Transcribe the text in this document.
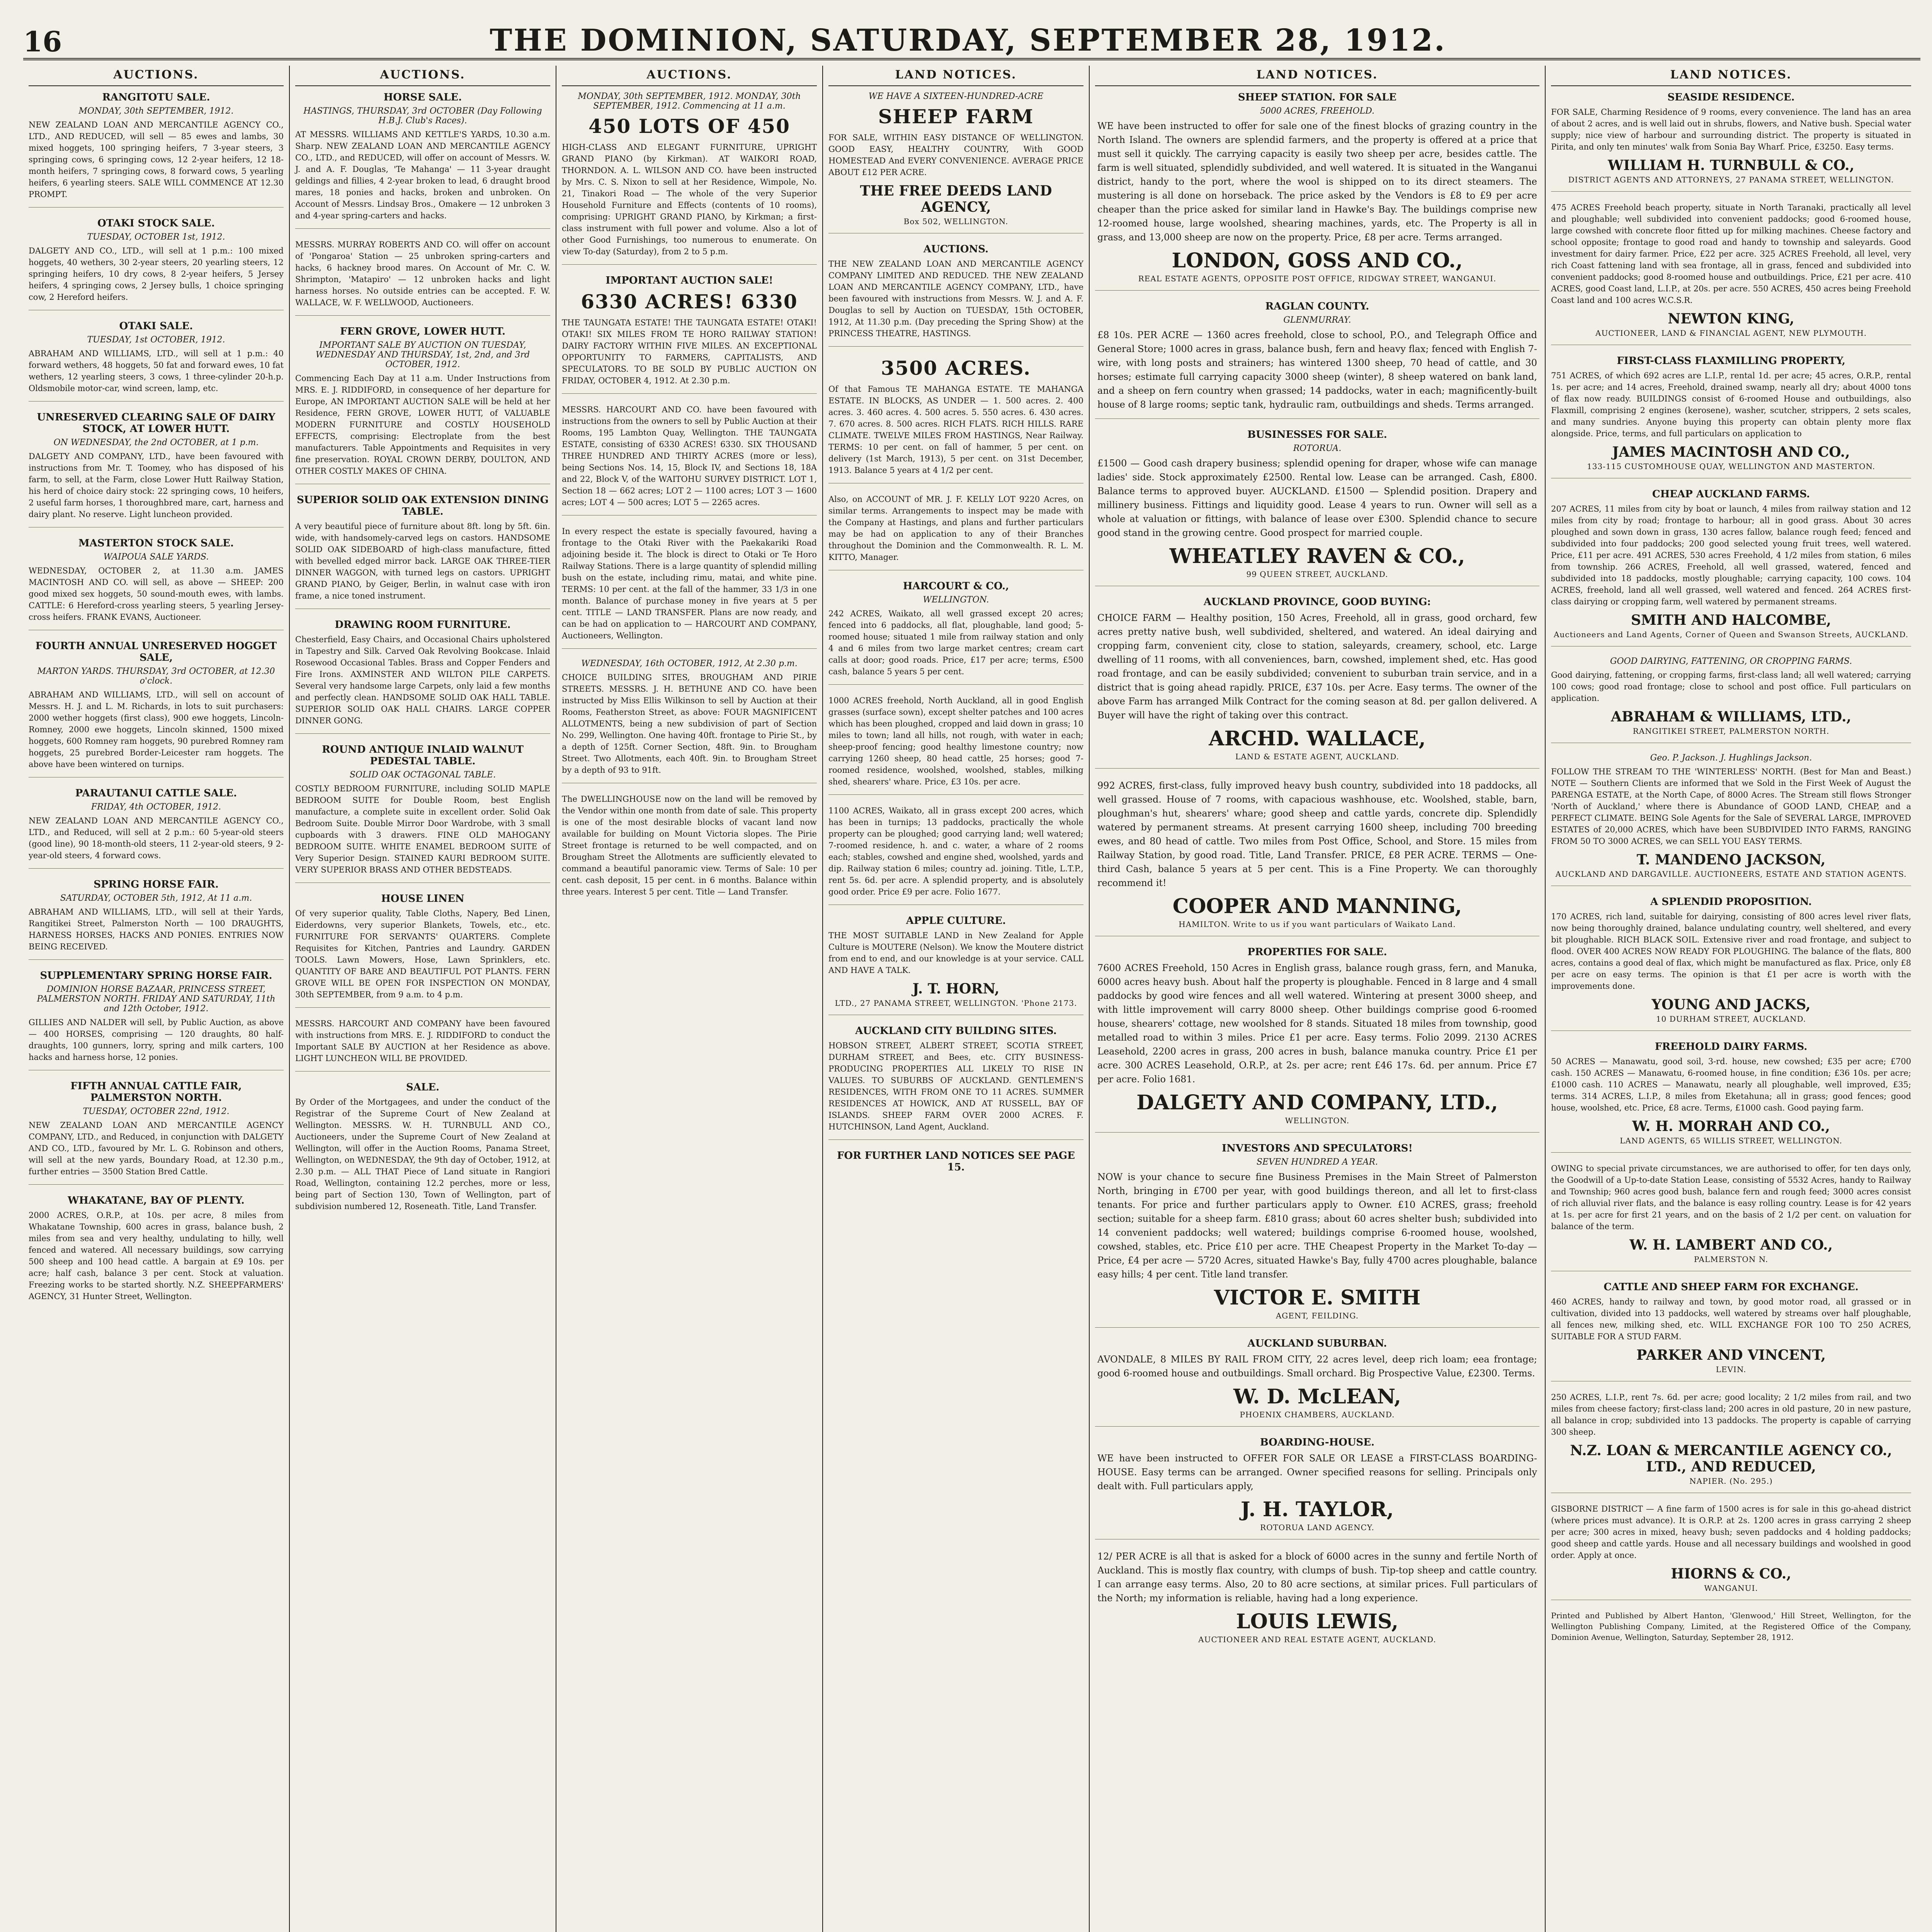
16	THE DOMINION, SATURDAY, SEPTEMBER 28, 1912.
AUCTIONS.
RANGITOTU SALE.
MONDAY, 30th SEPTEMBER, 1912.
NEW ZEALAND LOAN AND MERCANTILE AGENCY CO., LTD., AND REDUCED, will sell — 85 ewes and lambs, 30 mixed hoggets, 100 springing heifers, 7 3-year steers, 3 springing cows, 6 springing cows, 12 2-year heifers, 12 18-month heifers, 7 springing cows, 8 forward cows, 5 yearling heifers, 6 yearling steers. SALE WILL COMMENCE AT 12.30 PROMPT.
OTAKI STOCK SALE.
TUESDAY, OCTOBER 1st, 1912.
DALGETY AND CO., LTD., will sell at 1 p.m.: 100 mixed hoggets, 40 wethers, 30 2-year steers, 20 yearling steers, 12 springing heifers, 10 dry cows, 8 2-year heifers, 5 Jersey heifers, 4 springing cows, 2 Jersey bulls, 1 choice springing cow, 2 Hereford heifers.
OTAKI SALE.
TUESDAY, 1st OCTOBER, 1912.
ABRAHAM AND WILLIAMS, LTD., will sell at 1 p.m.: 40 forward wethers, 48 hoggets, 50 fat and forward ewes, 10 fat wethers, 12 yearling steers, 3 cows, 1 three-cylinder 20-h.p. Oldsmobile motor-car, wind screen, lamp, etc.
UNRESERVED CLEARING SALE OF DAIRY STOCK, AT LOWER HUTT.
ON WEDNESDAY, the 2nd OCTOBER, at 1 p.m.
DALGETY AND COMPANY, LTD., have been favoured with instructions from Mr. T. Toomey, who has disposed of his farm, to sell, at the Farm, close Lower Hutt Railway Station, his herd of choice dairy stock: 22 springing cows, 10 heifers, 2 useful farm horses, 1 thoroughbred mare, cart, harness and dairy plant. No reserve. Light luncheon provided.
MASTERTON STOCK SALE.
WAIPOUA SALE YARDS.
WEDNESDAY, OCTOBER 2, at 11.30 a.m. JAMES MACINTOSH AND CO. will sell, as above — SHEEP: 200 good mixed sex hoggets, 50 sound-mouth ewes, with lambs. CATTLE: 6 Hereford-cross yearling steers, 5 yearling Jersey-cross heifers. FRANK EVANS, Auctioneer.
FOURTH ANNUAL UNRESERVED HOGGET SALE,
MARTON YARDS. THURSDAY, 3rd OCTOBER, at 12.30 o'clock.
ABRAHAM AND WILLIAMS, LTD., will sell on account of Messrs. H. J. and L. M. Richards, in lots to suit purchasers: 2000 wether hoggets (first class), 900 ewe hoggets, Lincoln-Romney, 2000 ewe hoggets, Lincoln skinned, 1500 mixed hoggets, 600 Romney ram hoggets, 90 purebred Romney ram hoggets, 25 purebred Border-Leicester ram hoggets. The above have been wintered on turnips.
PARAUTANUI CATTLE SALE.
FRIDAY, 4th OCTOBER, 1912.
NEW ZEALAND LOAN AND MERCANTILE AGENCY CO., LTD., and Reduced, will sell at 2 p.m.: 60 5-year-old steers (good line), 90 18-month-old steers, 11 2-year-old steers, 9 2-year-old steers, 4 forward cows.
SPRING HORSE FAIR.
SATURDAY, OCTOBER 5th, 1912, At 11 a.m.
ABRAHAM AND WILLIAMS, LTD., will sell at their Yards, Rangitikei Street, Palmerston North — 100 DRAUGHTS, HARNESS HORSES, HACKS AND PONIES. ENTRIES NOW BEING RECEIVED.
SUPPLEMENTARY SPRING HORSE FAIR.
DOMINION HORSE BAZAAR, PRINCESS STREET, PALMERSTON NORTH. FRIDAY AND SATURDAY, 11th and 12th October, 1912.
GILLIES AND NALDER will sell, by Public Auction, as above — 400 HORSES, comprising — 120 draughts, 80 half-draughts, 100 gunners, lorry, spring and milk carters, 100 hacks and harness horse, 12 ponies.
FIFTH ANNUAL CATTLE FAIR, PALMERSTON NORTH.
TUESDAY, OCTOBER 22nd, 1912.
NEW ZEALAND LOAN AND MERCANTILE AGENCY COMPANY, LTD., and Reduced, in conjunction with DALGETY AND CO., LTD., favoured by Mr. L. G. Robinson and others, will sell at the new yards, Boundary Road, at 12.30 p.m., further entries — 3500 Station Bred Cattle.
WHAKATANE, BAY OF PLENTY.
2000 ACRES, O.R.P., at 10s. per acre, 8 miles from Whakatane Township, 600 acres in grass, balance bush, 2 miles from sea and very healthy, undulating to hilly, well fenced and watered. All necessary buildings, sow carrying 500 sheep and 100 head cattle. A bargain at £9 10s. per acre; half cash, balance 3 per cent. Stock at valuation. Freezing works to be started shortly. N.Z. SHEEPFARMERS' AGENCY, 31 Hunter Street, Wellington.
AUCTIONS.
HORSE SALE.
HASTINGS, THURSDAY, 3rd OCTOBER (Day Following H.B.J. Club's Races).
AT MESSRS. WILLIAMS AND KETTLE'S YARDS, 10.30 a.m. Sharp. NEW ZEALAND LOAN AND MERCANTILE AGENCY CO., LTD., and REDUCED, will offer on account of Messrs. W. J. and A. F. Douglas, 'Te Mahanga' — 11 3-year draught geldings and fillies, 4 2-year broken to lead, 6 draught brood mares, 18 ponies and hacks, broken and unbroken. On Account of Messrs. Lindsay Bros., Omakere — 12 unbroken 3 and 4-year spring-carters and hacks.
MESSRS. MURRAY ROBERTS AND CO. will offer on account of 'Pongaroa' Station — 25 unbroken spring-carters and hacks, 6 hackney brood mares. On Account of Mr. C. W. Shrimpton, 'Matapiro' — 12 unbroken hacks and light harness horses. No outside entries can be accepted. F. W. WALLACE, W. F. WELLWOOD, Auctioneers.
FERN GROVE, LOWER HUTT.
IMPORTANT SALE BY AUCTION ON TUESDAY, WEDNESDAY AND THURSDAY, 1st, 2nd, and 3rd OCTOBER, 1912.
Commencing Each Day at 11 a.m. Under Instructions from MRS. E. J. RIDDIFORD, in consequence of her departure for Europe, AN IMPORTANT AUCTION SALE will be held at her Residence, FERN GROVE, LOWER HUTT, of VALUABLE MODERN FURNITURE and COSTLY HOUSEHOLD EFFECTS, comprising: Electroplate from the best manufacturers. Table Appointments and Requisites in very fine preservation. ROYAL CROWN DERBY, DOULTON, AND OTHER COSTLY MAKES OF CHINA.
SUPERIOR SOLID OAK EXTENSION DINING TABLE.
A very beautiful piece of furniture about 8ft. long by 5ft. 6in. wide, with handsomely-carved legs on castors. HANDSOME SOLID OAK SIDEBOARD of high-class manufacture, fitted with bevelled edged mirror back. LARGE OAK THREE-TIER DINNER WAGGON, with turned legs on castors. UPRIGHT GRAND PIANO, by Geiger, Berlin, in walnut case with iron frame, a nice toned instrument.
DRAWING ROOM FURNITURE.
Chesterfield, Easy Chairs, and Occasional Chairs upholstered in Tapestry and Silk. Carved Oak Revolving Bookcase. Inlaid Rosewood Occasional Tables. Brass and Copper Fenders and Fire Irons. AXMINSTER AND WILTON PILE CARPETS. Several very handsome large Carpets, only laid a few months and perfectly clean. HANDSOME SOLID OAK HALL TABLE. SUPERIOR SOLID OAK HALL CHAIRS. LARGE COPPER DINNER GONG.
ROUND ANTIQUE INLAID WALNUT PEDESTAL TABLE.
SOLID OAK OCTAGONAL TABLE.
COSTLY BEDROOM FURNITURE, including SOLID MAPLE BEDROOM SUITE for Double Room, best English manufacture, a complete suite in excellent order. Solid Oak Bedroom Suite. Double Mirror Door Wardrobe, with 3 small cupboards with 3 drawers. FINE OLD MAHOGANY BEDROOM SUITE. WHITE ENAMEL BEDROOM SUITE of Very Superior Design. STAINED KAURI BEDROOM SUITE. VERY SUPERIOR BRASS AND OTHER BEDSTEADS.
HOUSE LINEN
Of very superior quality, Table Cloths, Napery, Bed Linen, Eiderdowns, very superior Blankets, Towels, etc., etc. FURNITURE FOR SERVANTS' QUARTERS. Complete Requisites for Kitchen, Pantries and Laundry. GARDEN TOOLS. Lawn Mowers, Hose, Lawn Sprinklers, etc. QUANTITY OF BARE AND BEAUTIFUL POT PLANTS. FERN GROVE WILL BE OPEN FOR INSPECTION ON MONDAY, 30th SEPTEMBER, from 9 a.m. to 4 p.m.
MESSRS. HARCOURT AND COMPANY have been favoured with instructions from MRS. E. J. RIDDIFORD to conduct the Important SALE BY AUCTION at her Residence as above. LIGHT LUNCHEON WILL BE PROVIDED.
SALE.
By Order of the Mortgagees, and under the conduct of the Registrar of the Supreme Court of New Zealand at Wellington. MESSRS. W. H. TURNBULL AND CO., Auctioneers, under the Supreme Court of New Zealand at Wellington, will offer in the Auction Rooms, Panama Street, Wellington, on WEDNESDAY, the 9th day of October, 1912, at 2.30 p.m. — ALL THAT Piece of Land situate in Rangiori Road, Wellington, containing 12.2 perches, more or less, being part of Section 130, Town of Wellington, part of subdivision numbered 12, Roseneath. Title, Land Transfer.
AUCTIONS.
MONDAY, 30th SEPTEMBER, 1912. MONDAY, 30th SEPTEMBER, 1912. Commencing at 11 a.m.
450 LOTS OF 450
HIGH-CLASS AND ELEGANT FURNITURE, UPRIGHT GRAND PIANO (by Kirkman). AT WAIKORI ROAD, THORNDON. A. L. WILSON AND CO. have been instructed by Mrs. C. S. Nixon to sell at her Residence, Wimpole, No. 21, Tinakori Road — The whole of the very Superior Household Furniture and Effects (contents of 10 rooms), comprising: UPRIGHT GRAND PIANO, by Kirkman; a first-class instrument with full power and volume. Also a lot of other Good Furnishings, too numerous to enumerate. On view To-day (Saturday), from 2 to 5 p.m.
IMPORTANT AUCTION SALE!
6330 ACRES! 6330
THE TAUNGATA ESTATE! THE TAUNGATA ESTATE! OTAKI! OTAKI! SIX MILES FROM TE HORO RAILWAY STATION! DAIRY FACTORY WITHIN FIVE MILES. AN EXCEPTIONAL OPPORTUNITY TO FARMERS, CAPITALISTS, AND SPECULATORS. TO BE SOLD BY PUBLIC AUCTION ON FRIDAY, OCTOBER 4, 1912. At 2.30 p.m.
MESSRS. HARCOURT AND CO. have been favoured with instructions from the owners to sell by Public Auction at their Rooms, 195 Lambton Quay, Wellington. THE TAUNGATA ESTATE, consisting of 6330 ACRES! 6330. SIX THOUSAND THREE HUNDRED AND THIRTY ACRES (more or less), being Sections Nos. 14, 15, Block IV, and Sections 18, 18A and 22, Block V, of the WAITOHU SURVEY DISTRICT. LOT 1, Section 18 — 662 acres; LOT 2 — 1100 acres; LOT 3 — 1600 acres; LOT 4 — 500 acres; LOT 5 — 2265 acres.
In every respect the estate is specially favoured, having a frontage to the Otaki River with the Paekakariki Road adjoining beside it. The block is direct to Otaki or Te Horo Railway Stations. There is a large quantity of splendid milling bush on the estate, including rimu, matai, and white pine. TERMS: 10 per cent. at the fall of the hammer, 33 1/3 in one month. Balance of purchase money in five years at 5 per cent. TITLE — LAND TRANSFER. Plans are now ready, and can be had on application to — HARCOURT AND COMPANY, Auctioneers, Wellington.
WEDNESDAY, 16th OCTOBER, 1912, At 2.30 p.m.
CHOICE BUILDING SITES, BROUGHAM AND PIRIE STREETS. MESSRS. J. H. BETHUNE AND CO. have been instructed by Miss Ellis Wilkinson to sell by Auction at their Rooms, Featherston Street, as above: FOUR MAGNIFICENT ALLOTMENTS, being a new subdivision of part of Section No. 299, Wellington. One having 40ft. frontage to Pirie St., by a depth of 125ft. Corner Section, 48ft. 9in. to Brougham Street. Two Allotments, each 40ft. 9in. to Brougham Street by a depth of 93 to 91ft.
The DWELLINGHOUSE now on the land will be removed by the Vendor within one month from date of sale. This property is one of the most desirable blocks of vacant land now available for building on Mount Victoria slopes. The Pirie Street frontage is returned to be well compacted, and on Brougham Street the Allotments are sufficiently elevated to command a beautiful panoramic view. Terms of Sale: 10 per cent. cash deposit, 15 per cent. in 6 months. Balance within three years. Interest 5 per cent. Title — Land Transfer.
LAND NOTICES.
WE HAVE A SIXTEEN-HUNDRED-ACRE
SHEEP FARM
FOR SALE, WITHIN EASY DISTANCE OF WELLINGTON. GOOD EASY, HEALTHY COUNTRY, With GOOD HOMESTEAD And EVERY CONVENIENCE. AVERAGE PRICE ABOUT £12 PER ACRE.
THE FREE DEEDS LAND AGENCY,
Box 502, WELLINGTON.
AUCTIONS.
THE NEW ZEALAND LOAN AND MERCANTILE AGENCY COMPANY LIMITED AND REDUCED. THE NEW ZEALAND LOAN AND MERCANTILE AGENCY COMPANY, LTD., have been favoured with instructions from Messrs. W. J. and A. F. Douglas to sell by Auction on TUESDAY, 15th OCTOBER, 1912, At 11.30 p.m. (Day preceding the Spring Show) at the PRINCESS THEATRE, HASTINGS.
3500 ACRES.
Of that Famous TE MAHANGA ESTATE. TE MAHANGA ESTATE. IN BLOCKS, AS UNDER — 1. 500 acres. 2. 400 acres. 3. 460 acres. 4. 500 acres. 5. 550 acres. 6. 430 acres. 7. 670 acres. 8. 500 acres. RICH FLATS. RICH HILLS. RARE CLIMATE. TWELVE MILES FROM HASTINGS, Near Railway. TERMS: 10 per cent. on fall of hammer, 5 per cent. on delivery (1st March, 1913), 5 per cent. on 31st December, 1913. Balance 5 years at 4 1/2 per cent.
Also, on ACCOUNT of MR. J. F. KELLY LOT 9220 Acres, on similar terms. Arrangements to inspect may be made with the Company at Hastings, and plans and further particulars may be had on application to any of their Branches throughout the Dominion and the Commonwealth. R. L. M. KITTO, Manager.
HARCOURT & CO.,
WELLINGTON.
242 ACRES, Waikato, all well grassed except 20 acres; fenced into 6 paddocks, all flat, ploughable, land good; 5-roomed house; situated 1 mile from railway station and only 4 and 6 miles from two large market centres; cream cart calls at door; good roads. Price, £17 per acre; terms, £500 cash, balance 5 years 5 per cent.
1000 ACRES freehold, North Auckland, all in good English grasses (surface sown), except shelter patches and 100 acres which has been ploughed, cropped and laid down in grass; 10 miles to town; land all hills, not rough, with water in each; sheep-proof fencing; good healthy limestone country; now carrying 1260 sheep, 80 head cattle, 25 horses; good 7-roomed residence, woolshed, woolshed, stables, milking shed, shearers' whare. Price, £3 10s. per acre.
1100 ACRES, Waikato, all in grass except 200 acres, which has been in turnips; 13 paddocks, practically the whole property can be ploughed; good carrying land; well watered; 7-roomed residence, h. and c. water, a whare of 2 rooms each; stables, cowshed and engine shed, woolshed, yards and dip. Railway station 6 miles; country ad. joining. Title, L.T.P., rent 5s. 6d. per acre. A splendid property, and is absolutely good order. Price £9 per acre. Folio 1677.
APPLE CULTURE.
THE MOST SUITABLE LAND in New Zealand for Apple Culture is MOUTERE (Nelson). We know the Moutere district from end to end, and our knowledge is at your service. CALL AND HAVE A TALK.
J. T. HORN,
LTD., 27 PANAMA STREET, WELLINGTON. 'Phone 2173.
AUCKLAND CITY BUILDING SITES.
HOBSON STREET, ALBERT STREET, SCOTIA STREET, DURHAM STREET, and Bees, etc. CITY BUSINESS-PRODUCING PROPERTIES ALL LIKELY TO RISE IN VALUES. TO SUBURBS OF AUCKLAND. GENTLEMEN'S RESIDENCES, WITH FROM ONE TO 11 ACRES. SUMMER RESIDENCES AT HOWICK, AND AT RUSSELL, BAY OF ISLANDS. SHEEP FARM OVER 2000 ACRES. F. HUTCHINSON, Land Agent, Auckland.
FOR FURTHER LAND NOTICES SEE PAGE 15.
LAND NOTICES.
SHEEP STATION. FOR SALE
5000 ACRES, FREEHOLD.
WE have been instructed to offer for sale one of the finest blocks of grazing country in the North Island. The owners are splendid farmers, and the property is offered at a price that must sell it quickly. The carrying capacity is easily two sheep per acre, besides cattle. The farm is well situated, splendidly subdivided, and well watered. It is situated in the Wanganui district, handy to the port, where the wool is shipped on to its direct steamers. The mustering is all done on horseback. The price asked by the Vendors is £8 to £9 per acre cheaper than the price asked for similar land in Hawke's Bay. The buildings comprise new 12-roomed house, large woolshed, shearing machines, yards, etc. The Property is all in grass, and 13,000 sheep are now on the property. Price, £8 per acre. Terms arranged.
LONDON, GOSS AND CO.,
REAL ESTATE AGENTS, OPPOSITE POST OFFICE, RIDGWAY STREET, WANGANUI.
RAGLAN COUNTY.
GLENMURRAY.
£8 10s. PER ACRE — 1360 acres freehold, close to school, P.O., and Telegraph Office and General Store; 1000 acres in grass, balance bush, fern and heavy flax; fenced with English 7-wire, with long posts and strainers; has wintered 1300 sheep, 70 head of cattle, and 30 horses; estimate full carrying capacity 3000 sheep (winter), 8 sheep watered on bank land, and a sheep on fern country when grassed; 14 paddocks, water in each; magnificently-built house of 8 large rooms; septic tank, hydraulic ram, outbuildings and sheds. Terms arranged.
BUSINESSES FOR SALE.
ROTORUA.
£1500 — Good cash drapery business; splendid opening for draper, whose wife can manage ladies' side. Stock approximately £2500. Rental low. Lease can be arranged. Cash, £800. Balance terms to approved buyer. AUCKLAND. £1500 — Splendid position. Drapery and millinery business. Fittings and liquidity good. Lease 4 years to run. Owner will sell as a whole at valuation or fittings, with balance of lease over £300. Splendid chance to secure good stand in the growing centre. Good prospect for married couple.
WHEATLEY RAVEN & CO.,
99 QUEEN STREET, AUCKLAND.
AUCKLAND PROVINCE, GOOD BUYING:
CHOICE FARM — Healthy position, 150 Acres, Freehold, all in grass, good orchard, few acres pretty native bush, well subdivided, sheltered, and watered. An ideal dairying and cropping farm, convenient city, close to station, saleyards, creamery, school, etc. Large dwelling of 11 rooms, with all conveniences, barn, cowshed, implement shed, etc. Has good road frontage, and can be easily subdivided; convenient to suburban train service, and in a district that is going ahead rapidly. PRICE, £37 10s. per Acre. Easy terms. The owner of the above Farm has arranged Milk Contract for the coming season at 8d. per gallon delivered. A Buyer will have the right of taking over this contract.
ARCHD. WALLACE,
LAND & ESTATE AGENT, AUCKLAND.
992 ACRES, first-class, fully improved heavy bush country, subdivided into 18 paddocks, all well grassed. House of 7 rooms, with capacious washhouse, etc. Woolshed, stable, barn, ploughman's hut, shearers' whare; good sheep and cattle yards, concrete dip. Splendidly watered by permanent streams. At present carrying 1600 sheep, including 700 breeding ewes, and 80 head of cattle. Two miles from Post Office, School, and Store. 15 miles from Railway Station, by good road. Title, Land Transfer. PRICE, £8 PER ACRE. TERMS — One-third Cash, balance 5 years at 5 per cent. This is a Fine Property. We can thoroughly recommend it!
COOPER AND MANNING,
HAMILTON. Write to us if you want particulars of Waikato Land.
PROPERTIES FOR SALE.
7600 ACRES Freehold, 150 Acres in English grass, balance rough grass, fern, and Manuka, 6000 acres heavy bush. About half the property is ploughable. Fenced in 8 large and 4 small paddocks by good wire fences and all well watered. Wintering at present 3000 sheep, and with little improvement will carry 8000 sheep. Other buildings comprise good 6-roomed house, shearers' cottage, new woolshed for 8 stands. Situated 18 miles from township, good metalled road to within 3 miles. Price £1 per acre. Easy terms. Folio 2099. 2130 ACRES Leasehold, 2200 acres in grass, 200 acres in bush, balance manuka country. Price £1 per acre. 300 ACRES Leasehold, O.R.P., at 2s. per acre; rent £46 17s. 6d. per annum. Price £7 per acre. Folio 1681.
DALGETY AND COMPANY, LTD.,
WELLINGTON.
INVESTORS AND SPECULATORS!
SEVEN HUNDRED A YEAR.
NOW is your chance to secure fine Business Premises in the Main Street of Palmerston North, bringing in £700 per year, with good buildings thereon, and all let to first-class tenants. For price and further particulars apply to Owner. £10 ACRES, grass; freehold section; suitable for a sheep farm. £810 grass; about 60 acres shelter bush; subdivided into 14 convenient paddocks; well watered; buildings comprise 6-roomed house, woolshed, cowshed, stables, etc. Price £10 per acre. THE Cheapest Property in the Market To-day — Price, £4 per acre — 5720 Acres, situated Hawke's Bay, fully 4700 acres ploughable, balance easy hills; 4 per cent. Title land transfer.
VICTOR E. SMITH
AGENT, FEILDING.
AUCKLAND SUBURBAN.
AVONDALE, 8 MILES BY RAIL FROM CITY, 22 acres level, deep rich loam; eea frontage; good 6-roomed house and outbuildings. Small orchard. Big Prospective Value, £2300. Terms.
W. D. McLEAN,
PHOENIX CHAMBERS, AUCKLAND.
BOARDING-HOUSE.
WE have been instructed to OFFER FOR SALE OR LEASE a FIRST-CLASS BOARDING-HOUSE. Easy terms can be arranged. Owner specified reasons for selling. Principals only dealt with. Full particulars apply,
J. H. TAYLOR,
ROTORUA LAND AGENCY.
12/ PER ACRE is all that is asked for a block of 6000 acres in the sunny and fertile North of Auckland. This is mostly flax country, with clumps of bush. Tip-top sheep and cattle country. I can arrange easy terms. Also, 20 to 80 acre sections, at similar prices. Full particulars of the North; my information is reliable, having had a long experience.
LOUIS LEWIS,
AUCTIONEER AND REAL ESTATE AGENT, AUCKLAND.
LAND NOTICES.
SEASIDE RESIDENCE.
FOR SALE, Charming Residence of 9 rooms, every convenience. The land has an area of about 2 acres, and is well laid out in shrubs, flowers, and Native bush. Special water supply; nice view of harbour and surrounding district. The property is situated in Pirita, and only ten minutes' walk from Sonia Bay Wharf. Price, £3250. Easy terms.
WILLIAM H. TURNBULL & CO.,
DISTRICT AGENTS AND ATTORNEYS, 27 PANAMA STREET, WELLINGTON.
475 ACRES Freehold beach property, situate in North Taranaki, practically all level and ploughable; well subdivided into convenient paddocks; good 6-roomed house, large cowshed with concrete floor fitted up for milking machines. Cheese factory and school opposite; frontage to good road and handy to township and saleyards. Good investment for dairy farmer. Price, £22 per acre. 325 ACRES Freehold, all level, very rich Coast fattening land with sea frontage, all in grass, fenced and subdivided into convenient paddocks; good 8-roomed house and outbuildings. Price, £21 per acre. 410 ACRES, good Coast land, L.I.P., at 20s. per acre. 550 ACRES, 450 acres being Freehold Coast land and 100 acres W.C.S.R.
NEWTON KING,
AUCTIONEER, LAND & FINANCIAL AGENT, NEW PLYMOUTH.
FIRST-CLASS FLAXMILLING PROPERTY,
751 ACRES, of which 692 acres are L.I.P., rental 1d. per acre; 45 acres, O.R.P., rental 1s. per acre; and 14 acres, Freehold, drained swamp, nearly all dry; about 4000 tons of flax now ready. BUILDINGS consist of 6-roomed House and outbuildings, also Flaxmill, comprising 2 engines (kerosene), washer, scutcher, strippers, 2 sets scales, and many sundries. Anyone buying this property can obtain plenty more flax alongside. Price, terms, and full particulars on application to
JAMES MACINTOSH AND CO.,
133-115 CUSTOMHOUSE QUAY, WELLINGTON AND MASTERTON.
CHEAP AUCKLAND FARMS.
207 ACRES, 11 miles from city by boat or launch, 4 miles from railway station and 12 miles from city by road; frontage to harbour; all in good grass. About 30 acres ploughed and sown down in grass, 130 acres fallow, balance rough feed; fenced and subdivided into four paddocks; 200 good selected young fruit trees, well watered. Price, £11 per acre. 491 ACRES, 530 acres Freehold, 4 1/2 miles from station, 6 miles from township. 266 ACRES, Freehold, all well grassed, watered, fenced and subdivided into 18 paddocks, mostly ploughable; carrying capacity, 100 cows. 104 ACRES, freehold, land all well grassed, well watered and fenced. 264 ACRES first-class dairying or cropping farm, well watered by permanent streams.
SMITH AND HALCOMBE,
Auctioneers and Land Agents, Corner of Queen and Swanson Streets, AUCKLAND.
GOOD DAIRYING, FATTENING, OR CROPPING FARMS.
Good dairying, fattening, or cropping farms, first-class land; all well watered; carrying 100 cows; good road frontage; close to school and post office. Full particulars on application.
ABRAHAM & WILLIAMS, LTD.,
RANGITIKEI STREET, PALMERSTON NORTH.
Geo. P. Jackson. J. Hughlings Jackson.
FOLLOW THE STREAM TO THE 'WINTERLESS' NORTH. (Best for Man and Beast.) NOTE — Southern Clients are informed that we Sold in the First Week of August the PARENGA ESTATE, at the North Cape, of 8000 Acres. The Stream still flows Stronger 'North of Auckland,' where there is Abundance of GOOD LAND, CHEAP, and a PERFECT CLIMATE. BEING Sole Agents for the Sale of SEVERAL LARGE, IMPROVED ESTATES of 20,000 ACRES, which have been SUBDIVIDED INTO FARMS, RANGING FROM 50 TO 3000 ACRES, we can SELL YOU EASY TERMS.
T. MANDENO JACKSON,
AUCKLAND AND DARGAVILLE. AUCTIONEERS, ESTATE AND STATION AGENTS.
A SPLENDID PROPOSITION.
170 ACRES, rich land, suitable for dairying, consisting of 800 acres level river flats, now being thoroughly drained, balance undulating country, well sheltered, and every bit ploughable. RICH BLACK SOIL. Extensive river and road frontage, and subject to flood. OVER 400 ACRES NOW READY FOR PLOUGHING. The balance of the flats, 800 acres, contains a good deal of flax, which might be manufactured as flax. Price, only £8 per acre on easy terms. The opinion is that £1 per acre is worth with the improvements done.
YOUNG AND JACKS,
10 DURHAM STREET, AUCKLAND.
FREEHOLD DAIRY FARMS.
50 ACRES — Manawatu, good soil, 3-rd. house, new cowshed; £35 per acre; £700 cash. 150 ACRES — Manawatu, 6-roomed house, in fine condition; £36 10s. per acre; £1000 cash. 110 ACRES — Manawatu, nearly all ploughable, well improved, £35; terms. 314 ACRES, L.I.P., 8 miles from Eketahuna; all in grass; good fences; good house, woolshed, etc. Price, £8 acre. Terms, £1000 cash. Good paying farm.
W. H. MORRAH AND CO.,
LAND AGENTS, 65 WILLIS STREET, WELLINGTON.
OWING to special private circumstances, we are authorised to offer, for ten days only, the Goodwill of a Up-to-date Station Lease, consisting of 5532 Acres, handy to Railway and Township; 960 acres good bush, balance fern and rough feed; 3000 acres consist of rich alluvial river flats, and the balance is easy rolling country. Lease is for 42 years at 1s. per acre for first 21 years, and on the basis of 2 1/2 per cent. on valuation for balance of the term.
W. H. LAMBERT AND CO.,
PALMERSTON N.
CATTLE AND SHEEP FARM FOR EXCHANGE.
460 ACRES, handy to railway and town, by good motor road, all grassed or in cultivation, divided into 13 paddocks, well watered by streams over half ploughable, all fences new, milking shed, etc. WILL EXCHANGE FOR 100 TO 250 ACRES, SUITABLE FOR A STUD FARM.
PARKER AND VINCENT,
LEVIN.
250 ACRES, L.I.P., rent 7s. 6d. per acre; good locality; 2 1/2 miles from rail, and two miles from cheese factory; first-class land; 200 acres in old pasture, 20 in new pasture, all balance in crop; subdivided into 13 paddocks. The property is capable of carrying 300 sheep.
N.Z. LOAN & MERCANTILE AGENCY CO., LTD., AND REDUCED,
NAPIER. (No. 295.)
GISBORNE DISTRICT — A fine farm of 1500 acres is for sale in this go-ahead district (where prices must advance). It is O.R.P. at 2s. 1200 acres in grass carrying 2 sheep per acre; 300 acres in mixed, heavy bush; seven paddocks and 4 holding paddocks; good sheep and cattle yards. House and all necessary buildings and woolshed in good order. Apply at once.
HIORNS & CO.,
WANGANUI.
Printed and Published by Albert Hanton, 'Glenwood,' Hill Street, Wellington, for the Wellington Publishing Company, Limited, at the Registered Office of the Company, Dominion Avenue, Wellington, Saturday, September 28, 1912.
